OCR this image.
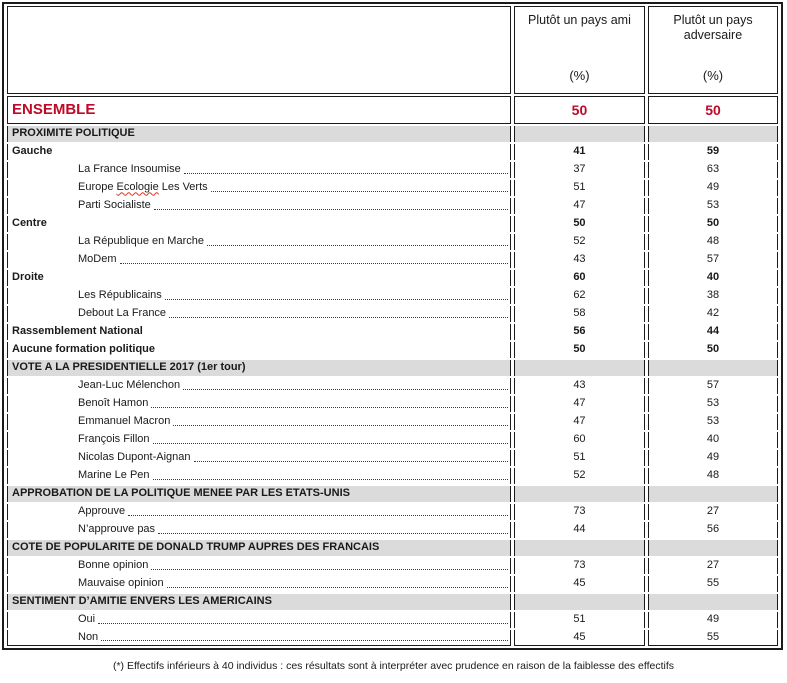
Plutôt un pays ami
(%)

Plutôt un pays adversaire
(%)

ENSEMBLE	50	50
PROXIMITE POLITIQUE		

Gauche	41	59

La France Insoumise	37	63

Europe Ecologie Les Verts	51	49

Parti Socialiste	47	53

Centre	50	50

La République en Marche	52	48

MoDem	43	57

Droite	60	40

Les Républicains	62	38

Debout La France	58	42

Rassemblement National	56	44

Aucune formation politique	50	50
VOTE A LA PRESIDENTIELLE 2017 (1er tour)		

Jean-Luc Mélenchon	43	57

Benoît Hamon	47	53

Emmanuel Macron	47	53

François Fillon	60	40

Nicolas Dupont-Aignan	51	49

Marine Le Pen	52	48
APPROBATION DE LA POLITIQUE MENEE PAR LES ETATS-UNIS		

Approuve	73	27

N’approuve pas	44	56
COTE DE POPULARITE DE DONALD TRUMP AUPRES DES FRANCAIS		

Bonne opinion	73	27

Mauvaise opinion	45	55
SENTIMENT D’AMITIE ENVERS LES AMERICAINS		

Oui	51	49

Non	45	55
(*) Effectifs inférieurs à 40 individus : ces résultats sont à interpréter avec prudence en raison de la faiblesse des effectifs
